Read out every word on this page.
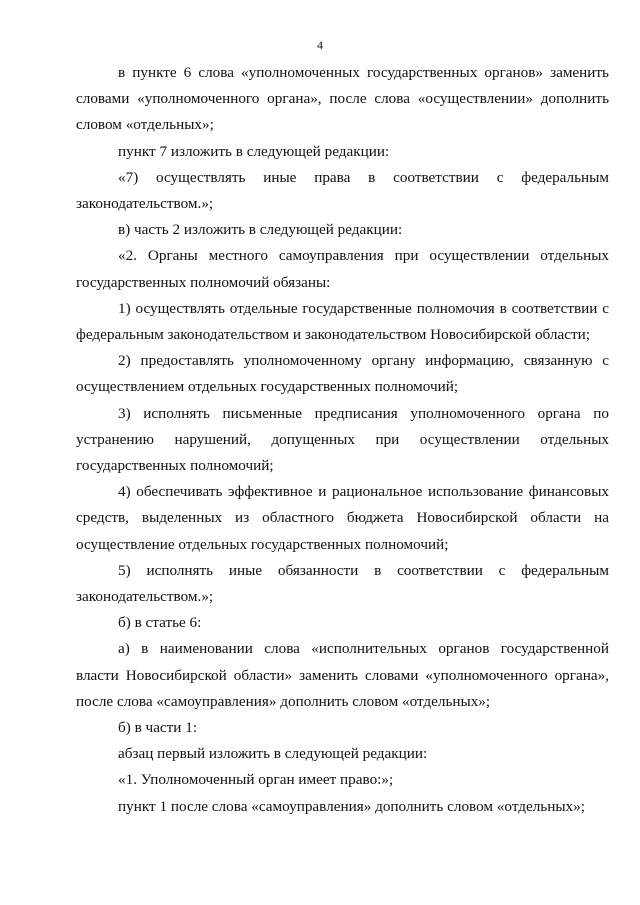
4

в пункте 6 слова «уполномоченных государственных органов» заменить словами «уполномоченного органа», после слова «осуществлении» дополнить словом «отдельных»;

пункт 7 изложить в следующей редакции:

«7) осуществлять иные права в соответствии с федеральным законодательством.»;

в) часть 2 изложить в следующей редакции:

«2. Органы местного самоуправления при осуществлении отдельных государственных полномочий обязаны:

1) осуществлять отдельные государственные полномочия в соответствии с федеральным законодательством и законодательством Новосибирской области;

2) предоставлять уполномоченному органу информацию, связанную с осуществлением отдельных государственных полномочий;

3) исполнять письменные предписания уполномоченного органа по устранению нарушений, допущенных при осуществлении отдельных государственных полномочий;

4) обеспечивать эффективное и рациональное использование финансовых средств, выделенных из областного бюджета Новосибирской области на осуществление отдельных государственных полномочий;

5) исполнять иные обязанности в соответствии с федеральным законодательством.»;

б) в статье 6:

а) в наименовании слова «исполнительных органов государственной власти Новосибирской области» заменить словами «уполномоченного органа», после слова «самоуправления» дополнить словом «отдельных»;

б) в части 1:

абзац первый изложить в следующей редакции:

«1. Уполномоченный орган имеет право:»;

пункт 1 после слова «самоуправления» дополнить словом «отдельных»;
